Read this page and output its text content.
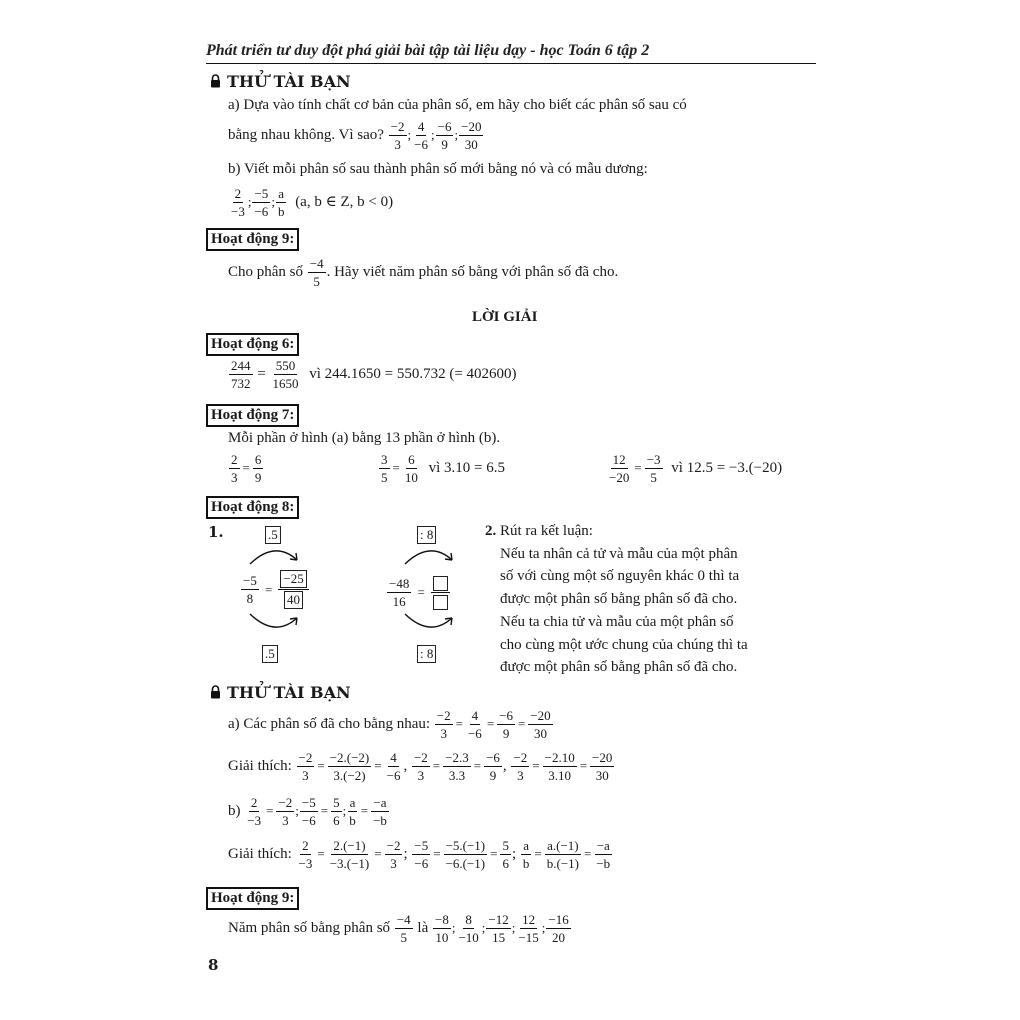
Phát triển tư duy đột phá giải bài tập tài liệu dạy - học Toán 6 tập 2
THỬ TÀI BẠN
a) Dựa vào tính chất cơ bản của phân số, em hãy cho biết các phân số sau có
bằng nhau không. Vì sao? $\frac{-2}{3}$ ; $\frac{4}{-6}$ ; $\frac{-6}{9}$ ; $\frac{-20}{30}$
b) Viết mỗi phân số sau thành phân số mới bằng nó và có mẫu dương:
$\frac{2}{-3}$ ; $\frac{-5}{-6}$ ; $\frac{a}{b} (a$, b ∈ Z, b < 0)
Hoạt động 9:
Cho phân số $\frac{-4}{5}$ . Hãy viết năm phân số bằng với phân số đã cho.
LỜI GIẢI
Hoạt động 6:
$\frac{244}{732} = \frac{550}{1650}$ vì 244.1650 = 550.732 (= 402600)
Hoạt động 7:
Mỗi phần ở hình (a) bằng 13 phần ở hình (b).
$\frac{2}{3} = \frac{6}{9}$	$\frac{3}{5} = \frac{6}{10}$ vì 3.10 = 6.5	$\frac{12}{-20} = \frac{-3}{5}$ vì 12.5 = −3.(−20)
Hoạt động 8:
1.	.5
$\frac{-5}{8} = \frac{-25}{40}$
.5
: 8
$\frac{-48}{16}$ =
: 8
2. Rút ra kết luận:
Nếu ta nhân cả tử và mẫu của một phân
số với cùng một số nguyên khác 0 thì ta
được một phân số bằng phân số đã cho.
Nếu ta chia tử và mẫu của một phân số
cho cùng một ước chung của chúng thì ta
được một phân số bằng phân số đã cho.
THỬ TÀI BẠN
a) Các phân số đã cho bằng nhau: $\frac{-2}{3} = \frac{4}{-6} = \frac{-6}{9} = \frac{-20}{30}$
Giải thích: $\frac{-2}{3} = \frac{-2.(-2)}{3.(-2)} = \frac{4}{-6}$ , $\frac{-2}{3} = \frac{-2.3}{3.3} = \frac{-6}{9}$ , $\frac{-2}{3} = \frac{-2.10}{3.10} = \frac{-20}{30}$
$b) \frac{2}{-3} = \frac{-2}{3}$ ; $\frac{-5}{-6} = \frac{5}{6}$ ; $\frac{a}{b} = \frac{-a}{-b}$
Giải thích: $\frac{2}{-3} = \frac{2.(-1)}{-3.(-1)} = \frac{-2}{3}$ ; $\frac{-5}{-6} = \frac{-5.(-1)}{-6.(-1)} = \frac{5}{6}$ ; $\frac{a}{b} = \frac{a.(-1)}{b.(-1)} = \frac{-a}{-b}$
Hoạt động 9:
Năm phân số bằng phân số $\frac{-4}{5}$ là $\frac{-8}{10}$ ; $\frac{8}{-10}$ ; $\frac{-12}{15}$ ; $\frac{12}{-15}$ ; $\frac{-16}{20}$
8
